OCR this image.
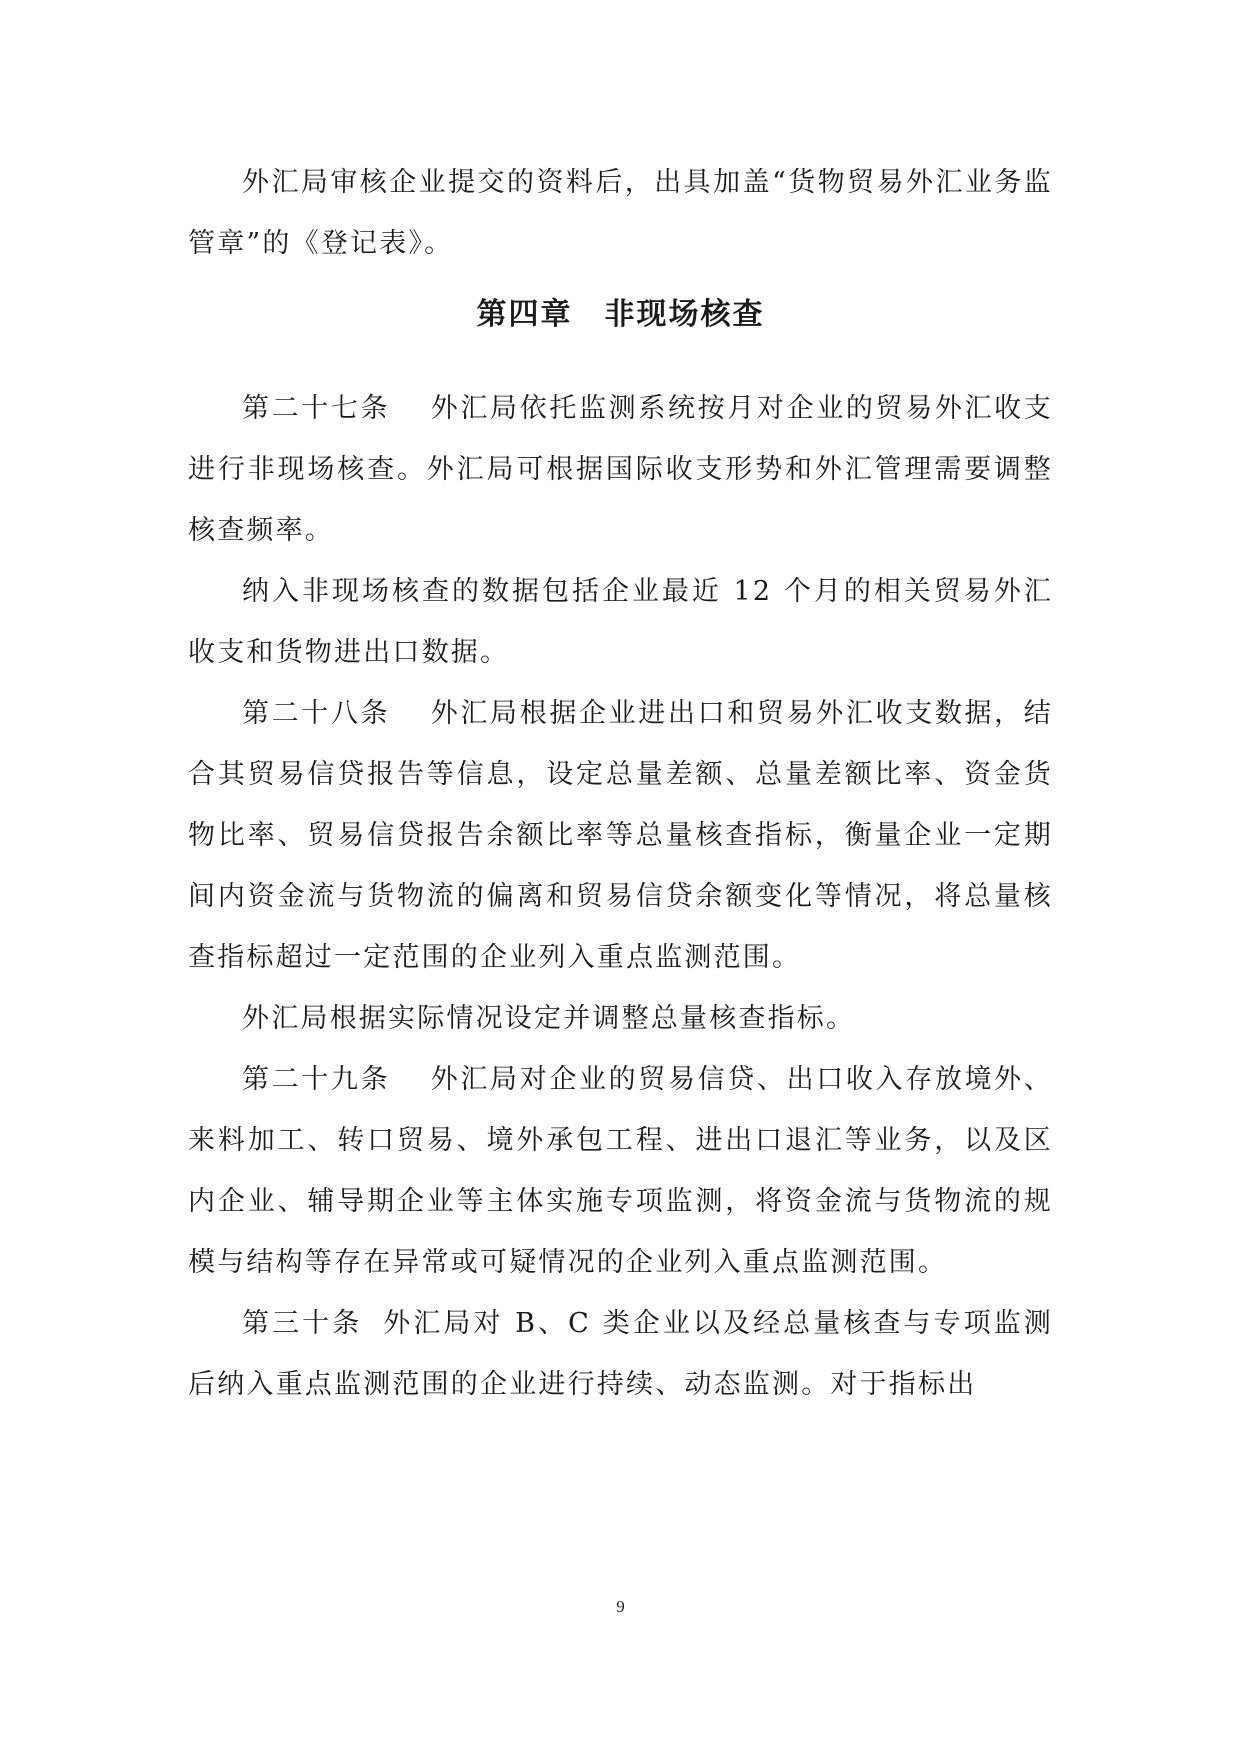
外汇局审核企业提交的资料后，出具加盖“货物贸易外汇业务监管章”的《登记表》。

第四章　非现场核查

第二十七条 外汇局依托监测系统按月对企业的贸易外汇收支进行非现场核查。外汇局可根据国际收支形势和外汇管理需要调整核查频率。

纳入非现场核查的数据包括企业最近 12 个月的相关贸易外汇收支和货物进出口数据。

第二十八条 外汇局根据企业进出口和贸易外汇收支数据，结合其贸易信贷报告等信息，设定总量差额、总量差额比率、资金货物比率、贸易信贷报告余额比率等总量核查指标，衡量企业一定期间内资金流与货物流的偏离和贸易信贷余额变化等情况，将总量核查指标超过一定范围的企业列入重点监测范围。

外汇局根据实际情况设定并调整总量核查指标。

第二十九条 外汇局对企业的贸易信贷、出口收入存放境外、来料加工、转口贸易、境外承包工程、进出口退汇等业务，以及区内企业、辅导期企业等主体实施专项监测，将资金流与货物流的规模与结构等存在异常或可疑情况的企业列入重点监测范围。

第三十条 外汇局对 B、C 类企业以及经总量核查与专项监测后纳入重点监测范围的企业进行持续、动态监测。对于指标出

9
